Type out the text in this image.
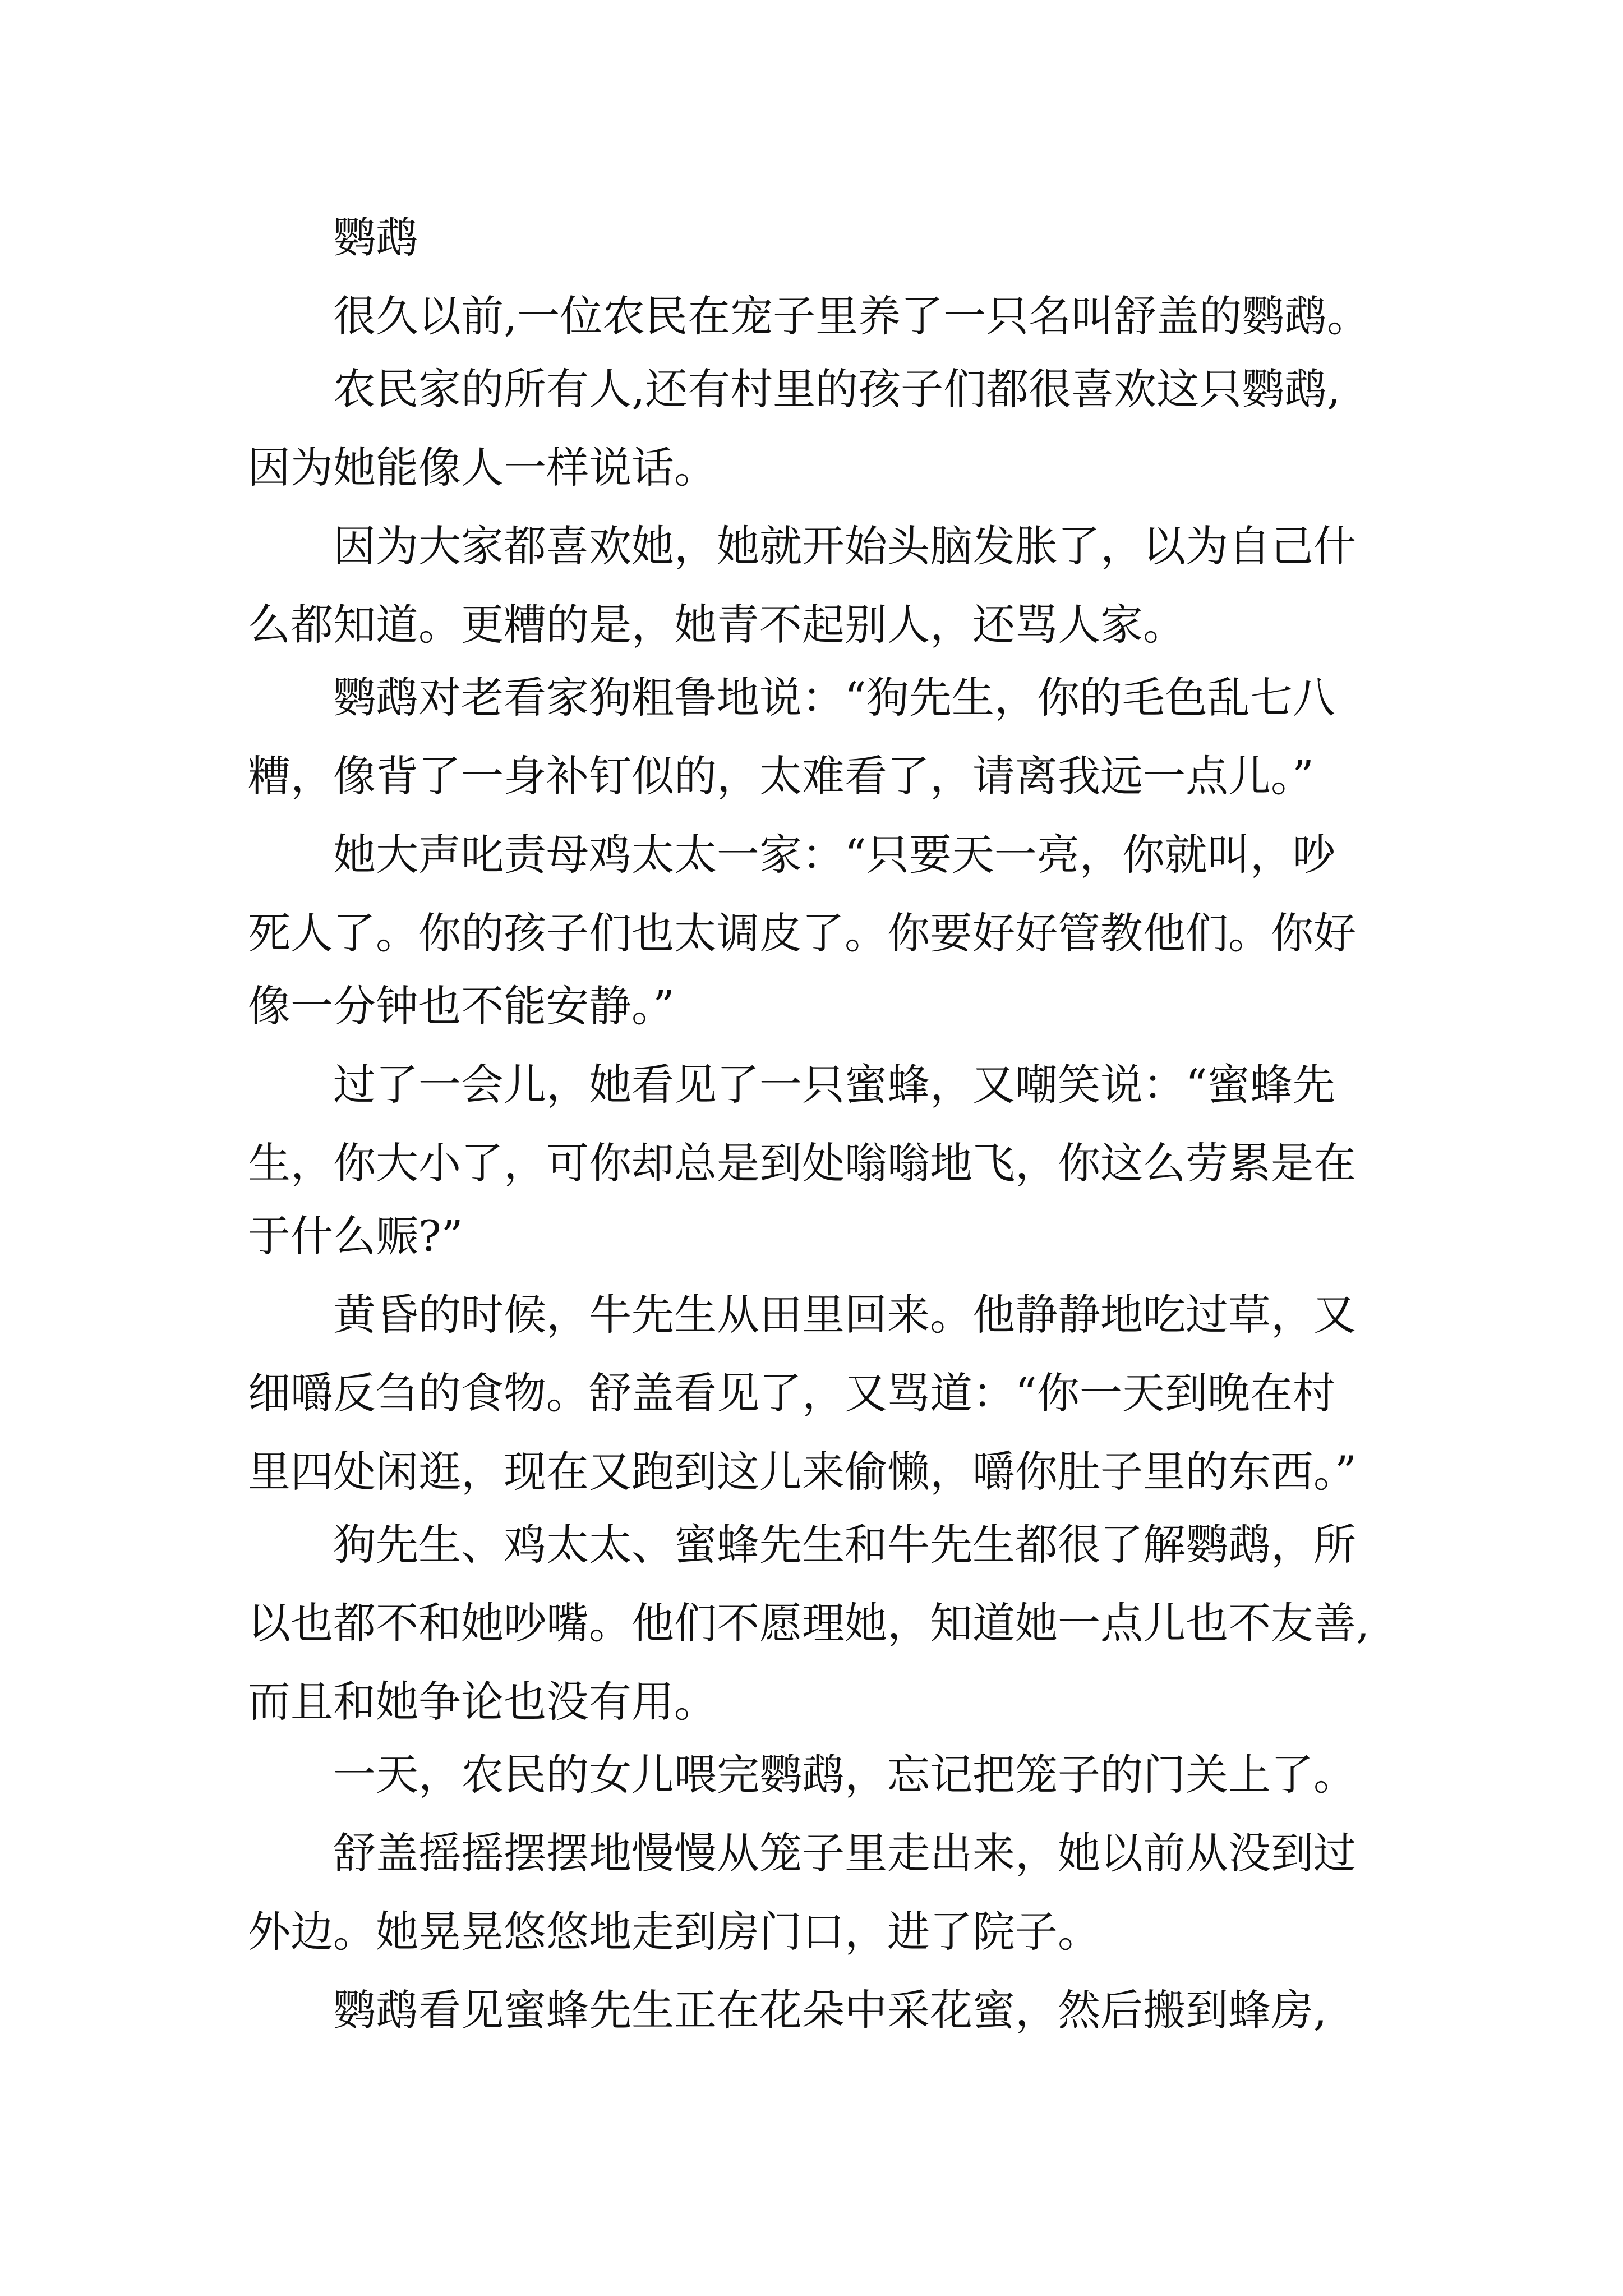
鹦鹉

很久以前,一位农民在宠子里养了一只名叫舒盖的鹦鹉。

农民家的所有人,还有村里的孩子们都很喜欢这只鹦鹉,

因为她能像人一样说话。

因为大家都喜欢她，她就开始头脑发胀了，以为自己什

么都知道。更糟的是，她青不起别人，还骂人家。

鹦鹉对老看家狗粗鲁地说：“狗先生，你的毛色乱七八

糟，像背了一身补钉似的，太难看了，请离我远一点儿。”

她大声叱责母鸡太太一家：“只要天一亮，你就叫，吵

死人了。你的孩子们也太调皮了。你要好好管教他们。你好

像一分钟也不能安静。”

过了一会儿，她看见了一只蜜蜂，又嘲笑说：“蜜蜂先

生，你大小了，可你却总是到处嗡嗡地飞，你这么劳累是在

于什么赈?”

黄昏的时候，牛先生从田里回来。他静静地吃过草，又

细嚼反刍的食物。舒盖看见了，又骂道：“你一天到晚在村

里四处闲逛，现在又跑到这儿来偷懒，嚼你肚子里的东西。”

狗先生、鸡太太、蜜蜂先生和牛先生都很了解鹦鹉，所

以也都不和她吵嘴。他们不愿理她，知道她一点儿也不友善,

而且和她争论也没有用。

一天，农民的女儿喂完鹦鹉，忘记把笼子的门关上了。

舒盖摇摇摆摆地慢慢从笼子里走出来，她以前从没到过

外边。她晃晃悠悠地走到房门口，进了院子。

鹦鹉看见蜜蜂先生正在花朵中采花蜜，然后搬到蜂房,
